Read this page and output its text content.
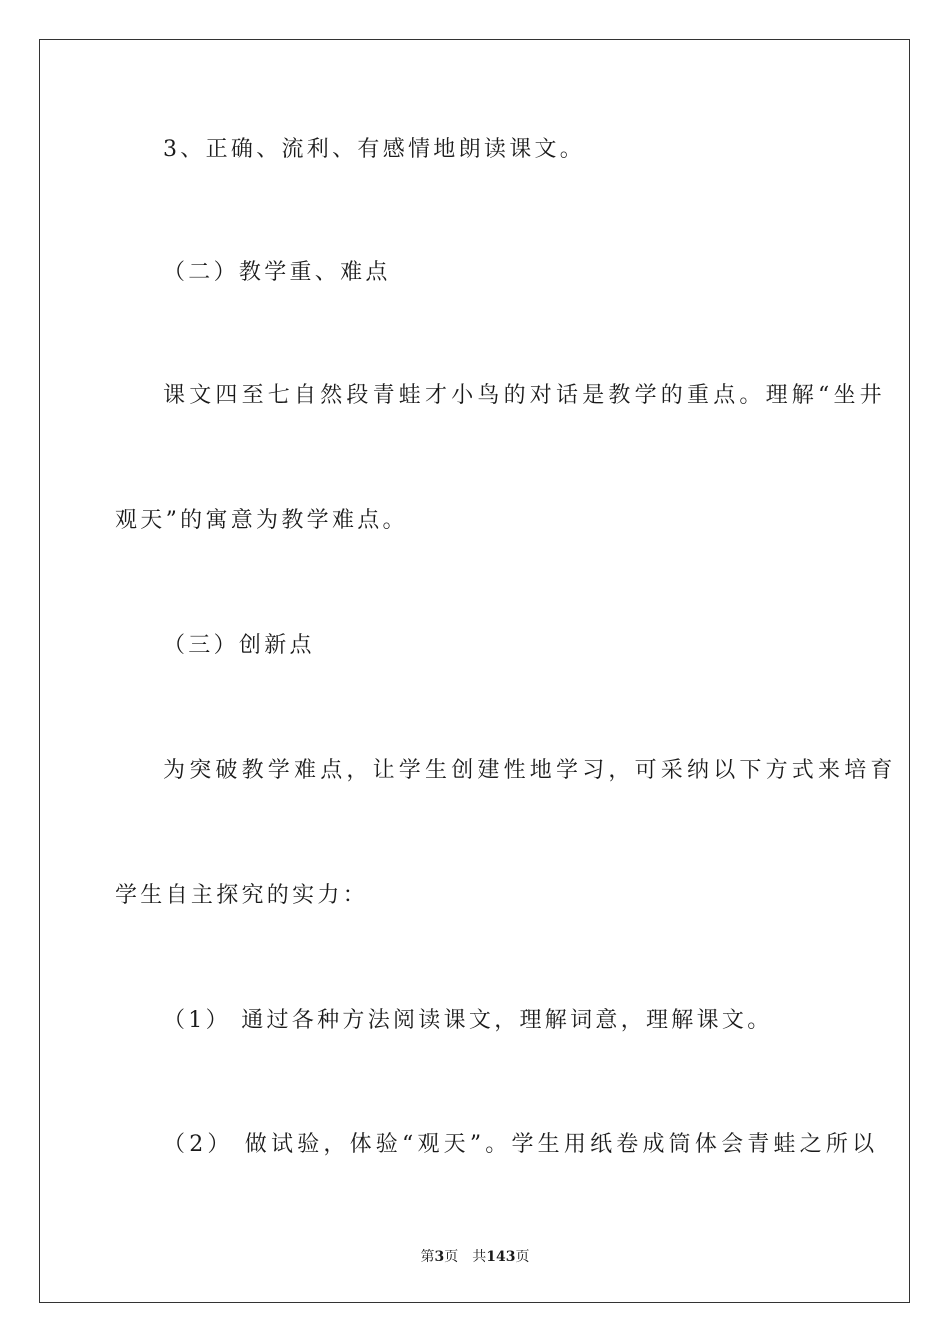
3、正确、流利、有感情地朗读课文。
（二）教学重、难点
课文四至七自然段青蛙才小鸟的对话是教学的重点。理解“坐井
观天”的寓意为教学难点。
（三）创新点
为突破教学难点，让学生创建性地学习，可采纳以下方式来培育
学生自主探究的实力：
（1） 通过各种方法阅读课文，理解词意，理解课文。
（2） 做试验，体验“观天”。学生用纸卷成筒体会青蛙之所以
第3页 共143页
